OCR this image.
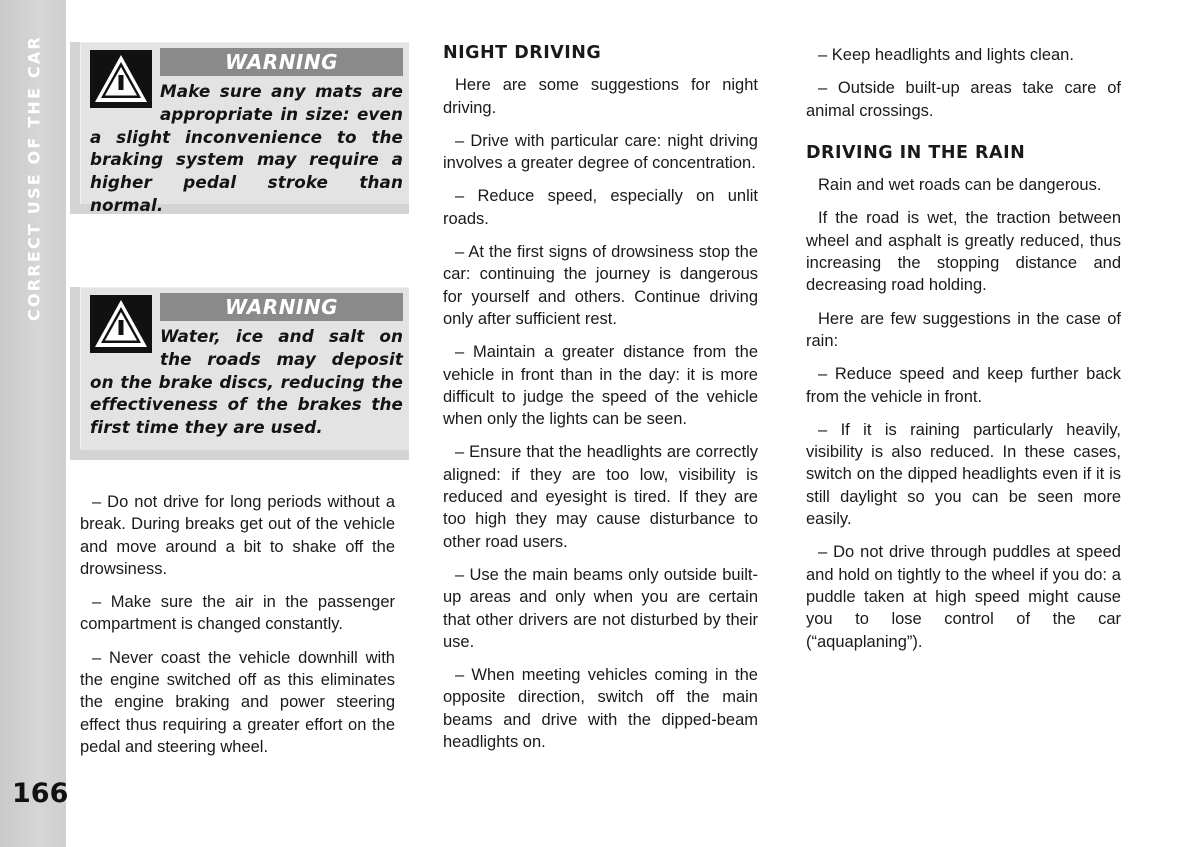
CORRECT USE OF THE CAR
166
WARNING
Make sure any mats are appropriate in size: even a slight inconvenience to the braking system may require a higher pedal stroke than normal.
WARNING
Water, ice and salt on the roads may deposit on the brake discs, reducing the effectiveness of the brakes the first time they are used.

– Do not drive for long periods without a break. During breaks get out of the vehicle and move around a bit to shake off the drowsiness.

– Make sure the air in the passenger compartment is changed constantly.

– Never coast the vehicle downhill with the engine switched off as this eliminates the engine braking and power steering effect thus requiring a greater effort on the pedal and steering wheel.

NIGHT DRIVING

Here are some suggestions for night driving.

– Drive with particular care: night driving involves a greater degree of concentration.

– Reduce speed, especially on unlit roads.

– At the first signs of drowsiness stop the car: continuing the journey is dangerous for yourself and others. Continue driving only after sufficient rest.

– Maintain a greater distance from the vehicle in front than in the day: it is more difficult to judge the speed of the vehicle when only the lights can be seen.

– Ensure that the headlights are correctly aligned: if they are too low, visibility is reduced and eyesight is tired. If they are too high they may cause disturbance to other road users.

– Use the main beams only outside built-up areas and only when you are certain that other drivers are not disturbed by their use.

– When meeting vehicles coming in the opposite direction, switch off the main beams and drive with the dipped-beam headlights on.

– Keep headlights and lights clean.

– Outside built-up areas take care of animal crossings.

DRIVING IN THE RAIN

Rain and wet roads can be dangerous.

If the road is wet, the traction between wheel and asphalt is greatly reduced, thus increasing the stopping distance and decreasing road holding.

Here are few suggestions in the case of rain:

– Reduce speed and keep further back from the vehicle in front.

– If it is raining particularly heavily, visibility is also reduced. In these cases, switch on the dipped headlights even if it is still daylight so you can be seen more easily.

– Do not drive through puddles at speed and hold on tightly to the wheel if you do: a puddle taken at high speed might cause you to lose control of the car (“aquaplaning”).
